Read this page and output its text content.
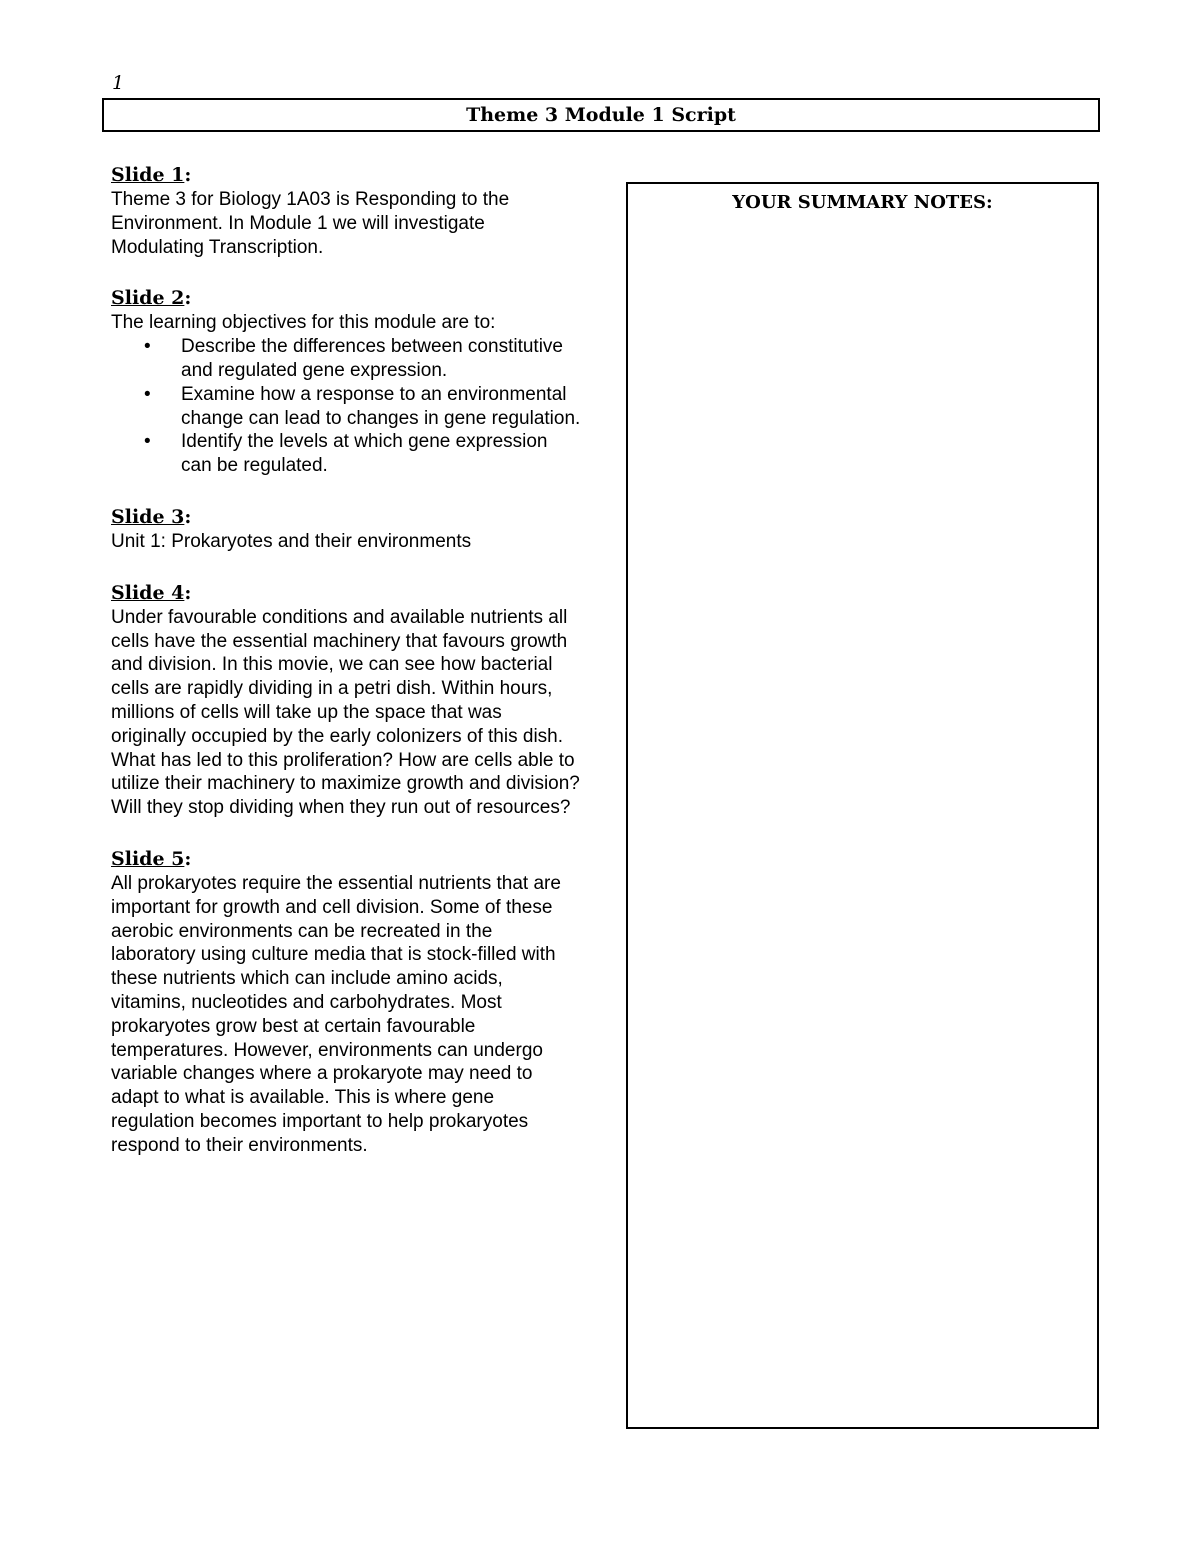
1
Theme 3 Module 1 Script
Slide 1:
Theme 3 for Biology 1A03 is Responding to the Environment. In Module 1 we will investigate Modulating Transcription.
Slide 2:
The learning objectives for this module are to:
• Describe the differences between constitutive and regulated gene expression.
• Examine how a response to an environmental change can lead to changes in gene regulation.
• Identify the levels at which gene expression can be regulated.
Slide 3:
Unit 1: Prokaryotes and their environments
Slide 4:
Under favourable conditions and available nutrients all cells have the essential machinery that favours growth and division. In this movie, we can see how bacterial cells are rapidly dividing in a petri dish. Within hours, millions of cells will take up the space that was originally occupied by the early colonizers of this dish. What has led to this proliferation? How are cells able to utilize their machinery to maximize growth and division? Will they stop dividing when they run out of resources?
Slide 5:
All prokaryotes require the essential nutrients that are important for growth and cell division. Some of these aerobic environments can be recreated in the laboratory using culture media that is stock-filled with these nutrients which can include amino acids, vitamins, nucleotides and carbohydrates. Most prokaryotes grow best at certain favourable temperatures. However, environments can undergo variable changes where a prokaryote may need to adapt to what is available. This is where gene regulation becomes important to help prokaryotes respond to their environments.
YOUR SUMMARY NOTES:
